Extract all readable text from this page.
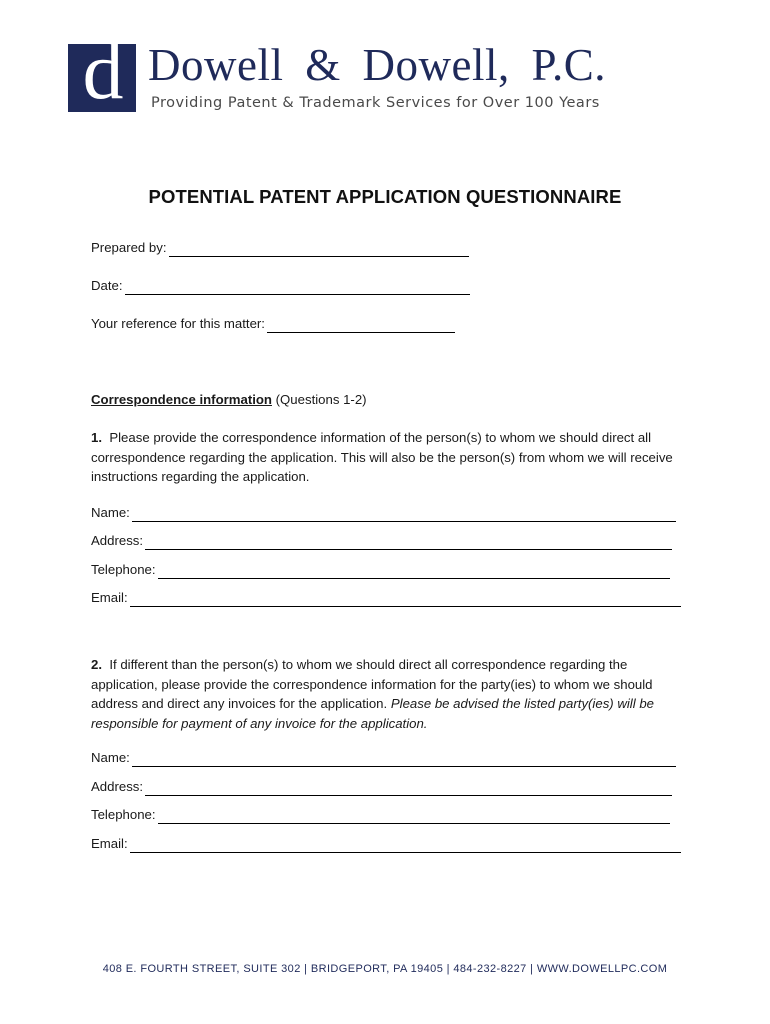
d Dowell & Dowell, P.C.
Providing Patent & Trademark Services for Over 100 Years
POTENTIAL PATENT APPLICATION QUESTIONNAIRE
Prepared by:
Date:
Your reference for this matter:
Correspondence information (Questions 1-2)
1. Please provide the correspondence information of the person(s) to whom we should direct all correspondence regarding the application. This will also be the person(s) from whom we will receive instructions regarding the application.
Name:
Address:
Telephone:
Email:
2. If different than the person(s) to whom we should direct all correspondence regarding the application, please provide the correspondence information for the party(ies) to whom we should address and direct any invoices for the application. Please be advised the listed party(ies) will be responsible for payment of any invoice for the application.
Name:
Address:
Telephone:
Email:
408 E. FOURTH STREET, SUITE 302 | BRIDGEPORT, PA 19405 | 484-232-8227 | WWW.DOWELLPC.COM
